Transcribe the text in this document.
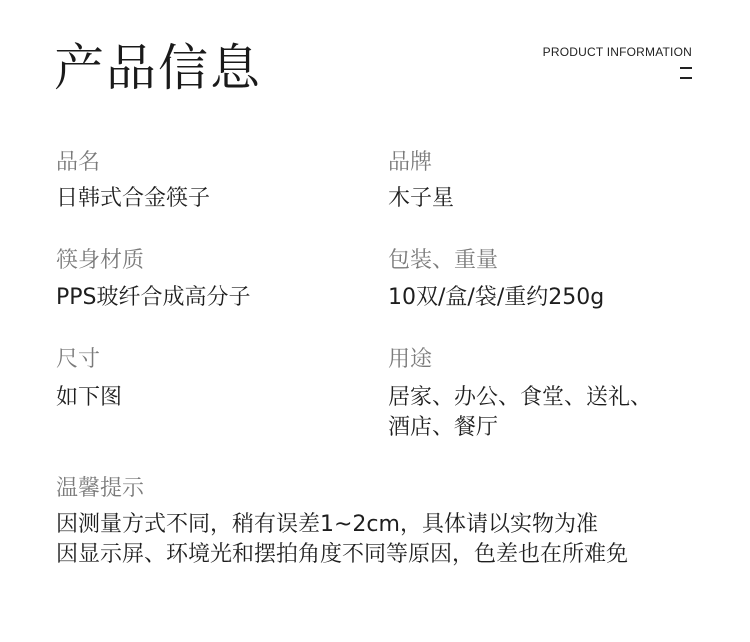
产品信息	PRODUCT INFORMATION
品名
日韩式合金筷子
品牌
木子星
筷身材质
PPS玻纤合成高分子
包装、重量
10双/盒/袋/重约250g
尺寸
如下图
用途
居家、办公、食堂、送礼、
酒店、餐厅
温馨提示
因测量方式不同，稍有误差1~2cm，具体请以实物为准
因显示屏、环境光和摆拍角度不同等原因，色差也在所难免
